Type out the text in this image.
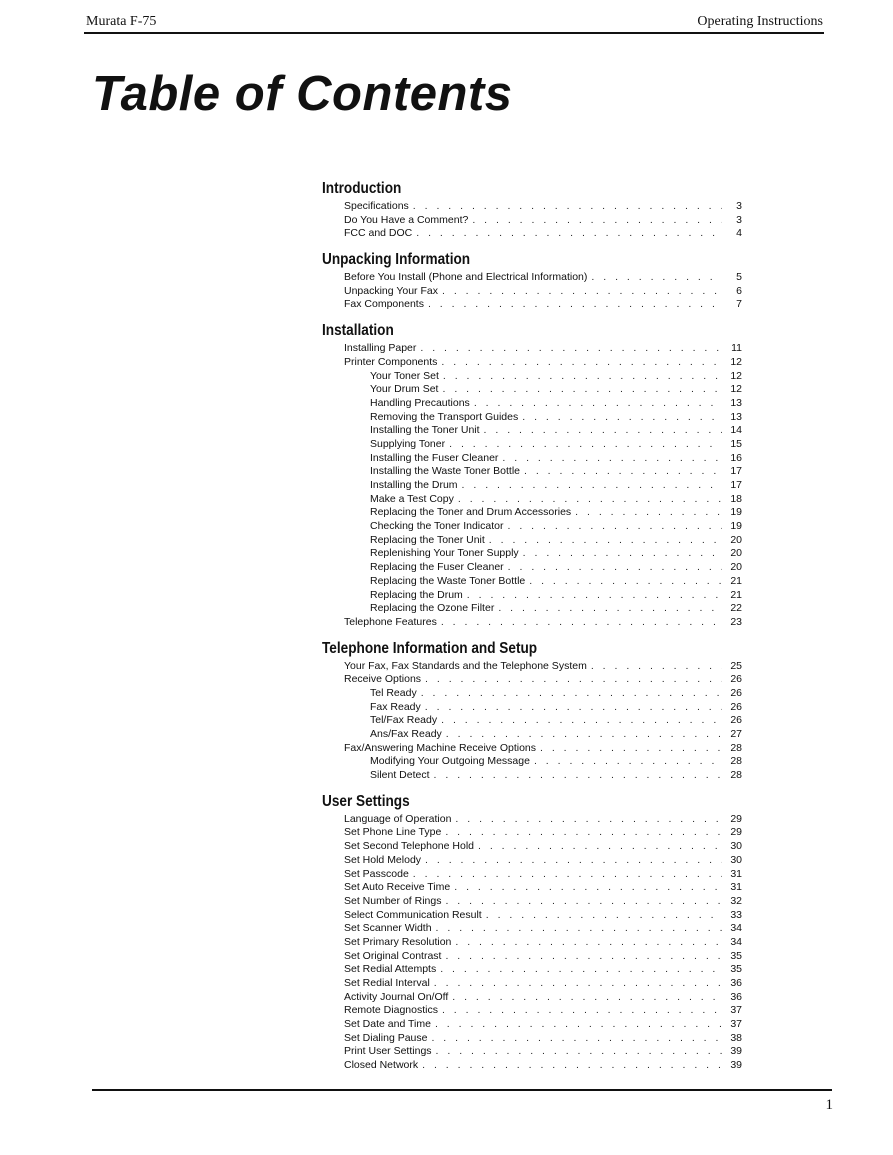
Murata F-75	Operating Instructions
Table of Contents
Introduction
Specifications . . .	3
Do You Have a Comment? . . .	3
FCC and DOC . . .	4
Unpacking Information
Before You Install (Phone and Electrical Information) . . .	5
Unpacking Your Fax . . .	6
Fax Components . . .	7
Installation
Installing Paper . . .	11
Printer Components . . .	12
Your Toner Set . . .	12
Your Drum Set . . .	12
Handling Precautions . . .	13
Removing the Transport Guides . . .	13
Installing the Toner Unit . . .	14
Supplying Toner . . .	15
Installing the Fuser Cleaner . . .	16
Installing the Waste Toner Bottle . . .	17
Installing the Drum . . .	17
Make a Test Copy . . .	18
Replacing the Toner and Drum Accessories . . .	19
Checking the Toner Indicator . . .	19
Replacing the Toner Unit . . .	20
Replenishing Your Toner Supply . . .	20
Replacing the Fuser Cleaner . . .	20
Replacing the Waste Toner Bottle . . .	21
Replacing the Drum . . .	21
Replacing the Ozone Filter . . .	22
Telephone Features . . .	23
Telephone Information and Setup
Your Fax, Fax Standards and the Telephone System . . .	25
Receive Options . . .	26
Tel Ready . . .	26
Fax Ready . . .	26
Tel/Fax Ready . . .	26
Ans/Fax Ready . . .	27
Fax/Answering Machine Receive Options . . .	28
Modifying Your Outgoing Message . . .	28
Silent Detect . . .	28
User Settings
Language of Operation . . .	29
Set Phone Line Type . . .	29
Set Second Telephone Hold . . .	30
Set Hold Melody . . .	30
Set Passcode . . .	31
Set Auto Receive Time . . .	31
Set Number of Rings . . .	32
Select Communication Result . . .	33
Set Scanner Width . . .	34
Set Primary Resolution . . .	34
Set Original Contrast . . .	35
Set Redial Attempts . . .	35
Set Redial Interval . . .	36
Activity Journal On/Off . . .	36
Remote Diagnostics . . .	37
Set Date and Time . . .	37
Set Dialing Pause . . .	38
Print User Settings . . .	39
Closed Network . . .	39
1
